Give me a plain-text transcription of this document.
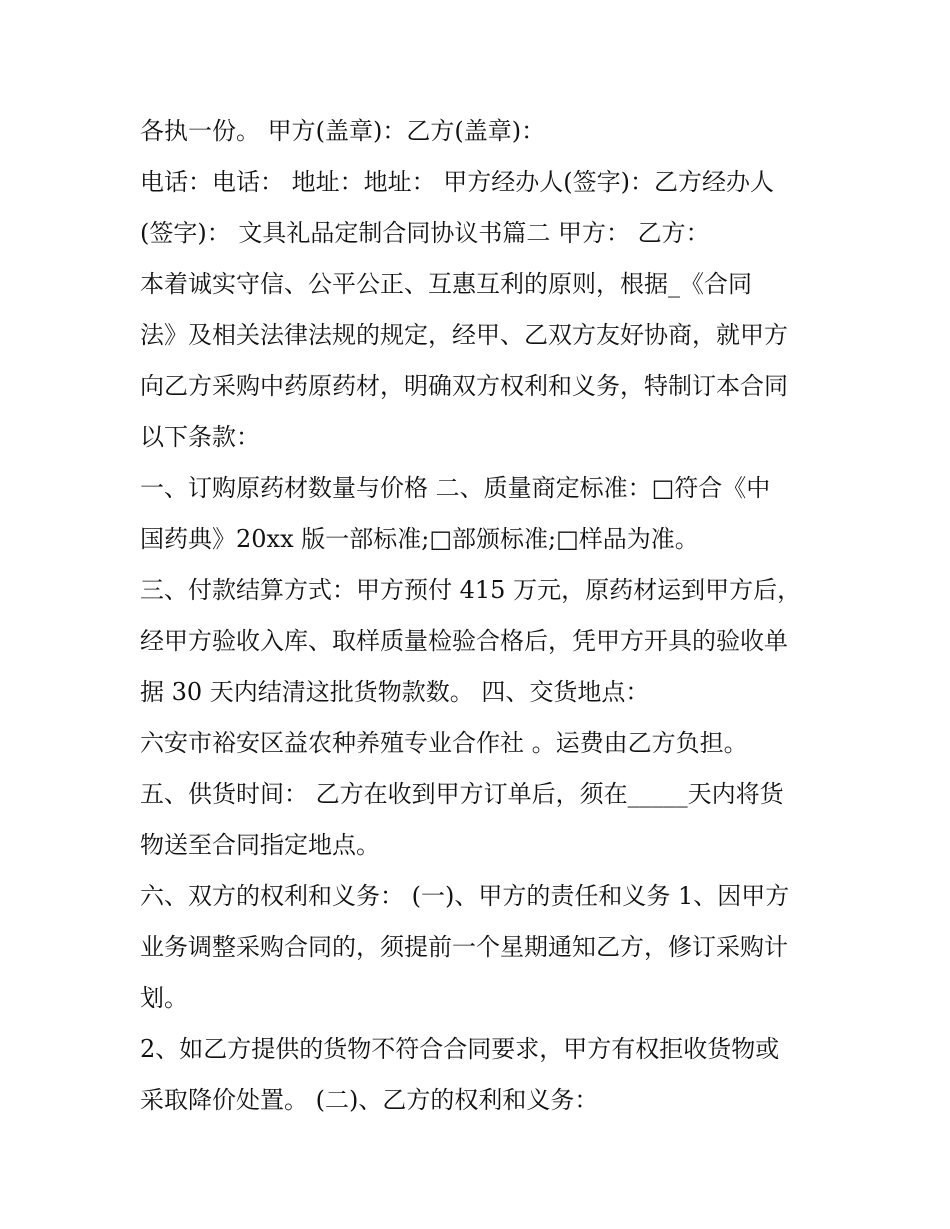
各执一份。 甲方(盖章)：乙方(盖章)：
电话：电话： 地址：地址： 甲方经办人(签字)：乙方经办人
(签字)： 文具礼品定制合同协议书篇二 甲方： 乙方：
本着诚实守信、公平公正、互惠互利的原则，根据_《合同
法》及相关法律法规的规定，经甲、乙双方友好协商，就甲方
向乙方采购中药原药材，明确双方权利和义务，特制订本合同
以下条款：
一、订购原药材数量与价格 二、质量商定标准：□符合《中
国药典》20xx 版一部标准;□部颁标准;□样品为准。
三、付款结算方式：甲方预付 415 万元，原药材运到甲方后，
经甲方验收入库、取样质量检验合格后，凭甲方开具的验收单
据 30 天内结清这批货物款数。 四、交货地点：
六安市裕安区益农种养殖专业合作社 。运费由乙方负担。
五、供货时间： 乙方在收到甲方订单后，须在_____天内将货
物送至合同指定地点。
六、双方的权利和义务： (一)、甲方的责任和义务 1、因甲方
业务调整采购合同的，须提前一个星期通知乙方，修订采购计
划。
2、如乙方提供的货物不符合合同要求，甲方有权拒收货物或
采取降价处置。 (二)、乙方的权利和义务：
